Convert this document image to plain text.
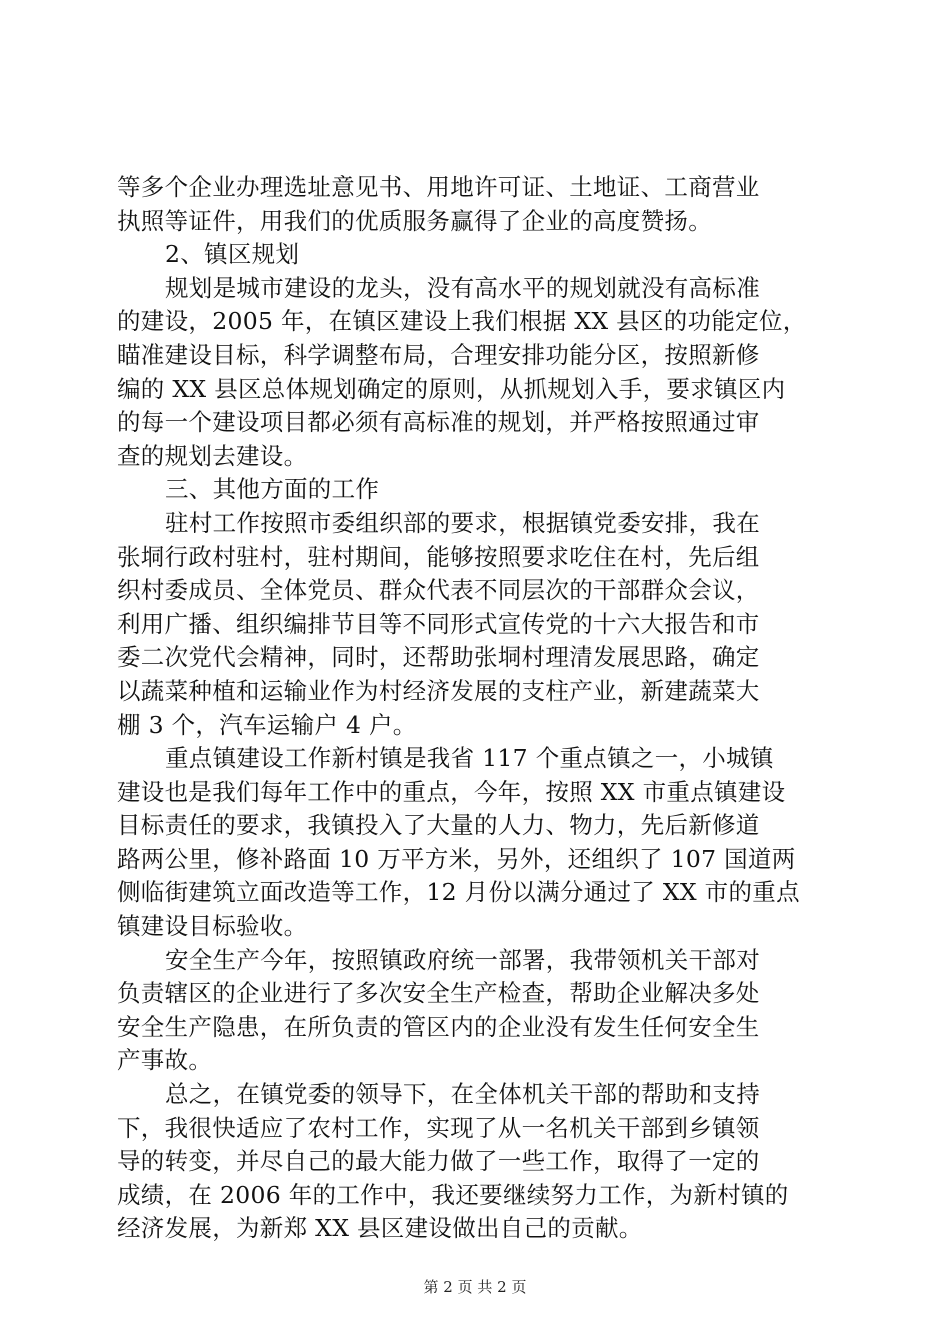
等多个企业办理选址意见书、用地许可证、土地证、工商营业
执照等证件，用我们的优质服务赢得了企业的高度赞扬。
2、镇区规划
规划是城市建设的龙头，没有高水平的规划就没有高标准
的建设，2005 年，在镇区建设上我们根据 XX 县区的功能定位，
瞄准建设目标，科学调整布局，合理安排功能分区，按照新修
编的 XX 县区总体规划确定的原则，从抓规划入手，要求镇区内
的每一个建设项目都必须有高标准的规划，并严格按照通过审
查的规划去建设。
三、其他方面的工作
驻村工作按照市委组织部的要求，根据镇党委安排，我在
张垌行政村驻村，驻村期间，能够按照要求吃住在村，先后组
织村委成员、全体党员、群众代表不同层次的干部群众会议，
利用广播、组织编排节目等不同形式宣传党的十六大报告和市
委二次党代会精神，同时，还帮助张垌村理清发展思路，确定
以蔬菜种植和运输业作为村经济发展的支柱产业，新建蔬菜大
棚 3 个，汽车运输户 4 户。
重点镇建设工作新村镇是我省 117 个重点镇之一，小城镇
建设也是我们每年工作中的重点，今年，按照 XX 市重点镇建设
目标责任的要求，我镇投入了大量的人力、物力，先后新修道
路两公里，修补路面 10 万平方米，另外，还组织了 107 国道两
侧临街建筑立面改造等工作，12 月份以满分通过了 XX 市的重点
镇建设目标验收。
安全生产今年，按照镇政府统一部署，我带领机关干部对
负责辖区的企业进行了多次安全生产检查，帮助企业解决多处
安全生产隐患，在所负责的管区内的企业没有发生任何安全生
产事故。
总之，在镇党委的领导下，在全体机关干部的帮助和支持
下，我很快适应了农村工作，实现了从一名机关干部到乡镇领
导的转变，并尽自己的最大能力做了一些工作，取得了一定的
成绩，在 2006 年的工作中，我还要继续努力工作，为新村镇的
经济发展，为新郑 XX 县区建设做出自己的贡献。
第 2 页 共 2 页
